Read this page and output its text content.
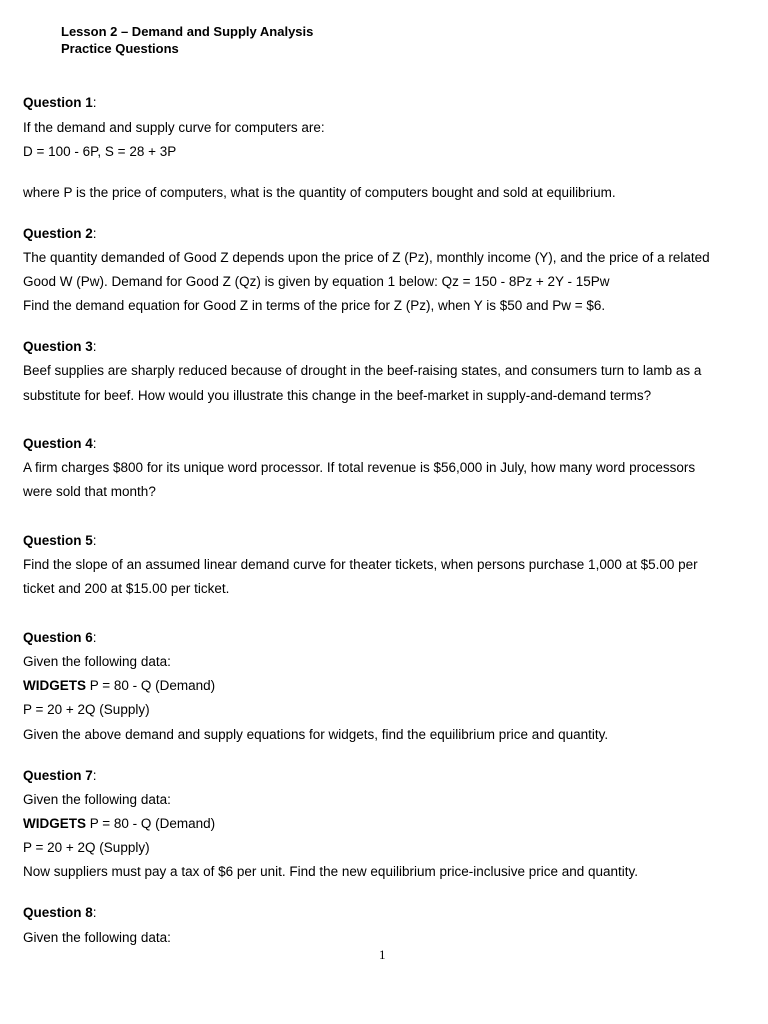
Lesson 2 – Demand and Supply Analysis
Practice Questions
Question 1:
If the demand and supply curve for computers are:
D = 100 - 6P, S = 28 + 3P
where P is the price of computers, what is the quantity of computers bought and sold at equilibrium.
Question 2:
The quantity demanded of Good Z depends upon the price of Z (Pz), monthly income (Y), and the price of a related
Good W (Pw). Demand for Good Z (Qz) is given by equation 1 below: Qz = 150 - 8Pz + 2Y - 15Pw
Find the demand equation for Good Z in terms of the price for Z (Pz), when Y is $50 and Pw = $6.
Question 3:
Beef supplies are sharply reduced because of drought in the beef-raising states, and consumers turn to lamb as a
substitute for beef. How would you illustrate this change in the beef-market in supply-and-demand terms?
Question 4:
A firm charges $800 for its unique word processor. If total revenue is $56,000 in July, how many word processors
were sold that month?
Question 5:
Find the slope of an assumed linear demand curve for theater tickets, when persons purchase 1,000 at $5.00 per
ticket and 200 at $15.00 per ticket.
Question 6:
Given the following data:
WIDGETS P = 80 - Q (Demand)
P = 20 + 2Q (Supply)
Given the above demand and supply equations for widgets, find the equilibrium price and quantity.
Question 7:
Given the following data:
WIDGETS P = 80 - Q (Demand)
P = 20 + 2Q (Supply)
Now suppliers must pay a tax of $6 per unit. Find the new equilibrium price-inclusive price and quantity.
Question 8:
Given the following data:
1
